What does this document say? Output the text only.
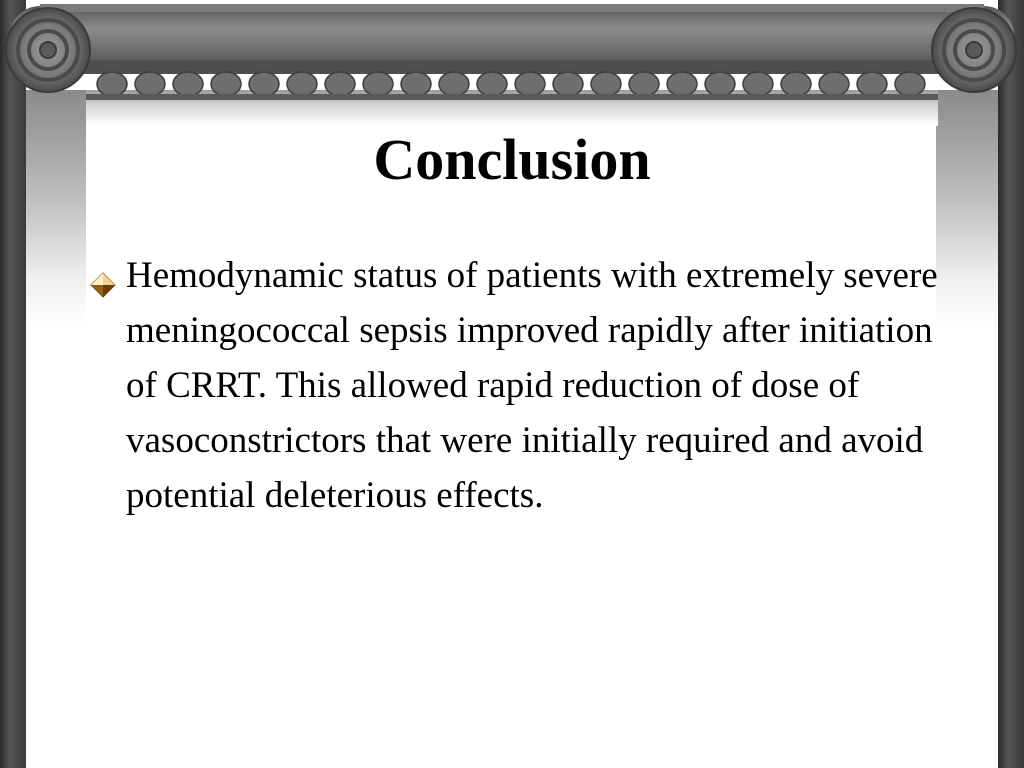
Conclusion
Hemodynamic status of patients with extremely severe meningococcal sepsis improved rapidly after initiation of CRRT. This allowed rapid reduction of dose of vasoconstrictors that were initially required and avoid potential deleterious effects.
